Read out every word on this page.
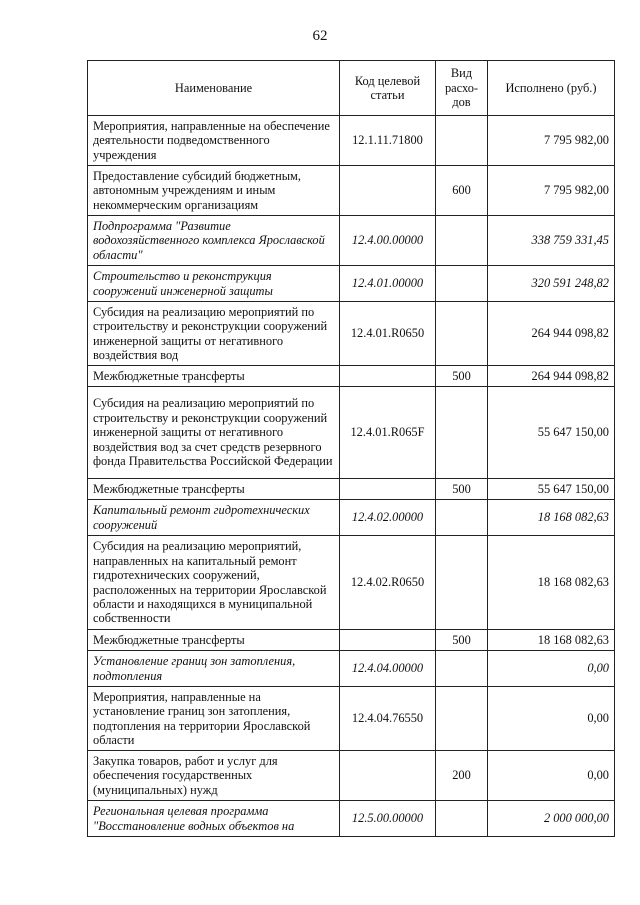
62
Наименование	Код целевой статьи	Вид расхо-дов	Исполнено (руб.)
Мероприятия, направленные на обеспечение деятельности подведомственного учреждения	12.1.11.71800		7 795 982,00
Предоставление субсидий бюджетным, автономным учреждениям и иным некоммерческим организациям		600	7 795 982,00
Подпрограмма "Развитие водохозяйственного комплекса Ярославской области"	12.4.00.00000		338 759 331,45
Строительство и реконструкция сооружений инженерной защиты	12.4.01.00000		320 591 248,82
Субсидия на реализацию мероприятий по строительству и реконструкции сооружений инженерной защиты от негативного воздействия вод	12.4.01.R0650		264 944 098,82
Межбюджетные трансферты		500	264 944 098,82
Субсидия на реализацию мероприятий по строительству и реконструкции сооружений инженерной защиты от негативного воздействия вод за счет средств резервного фонда Правительства Российской Федерации	12.4.01.R065F		55 647 150,00
Межбюджетные трансферты		500	55 647 150,00
Капитальный ремонт гидротехнических сооружений	12.4.02.00000		18 168 082,63
Субсидия на реализацию мероприятий, направленных на капитальный ремонт гидротехнических сооружений, расположенных на территории Ярославской области и находящихся в муниципальной собственности	12.4.02.R0650		18 168 082,63
Межбюджетные трансферты		500	18 168 082,63
Установление границ зон затопления, подтопления	12.4.04.00000		0,00
Мероприятия, направленные на установление границ зон затопления, подтопления на территории Ярославской области	12.4.04.76550		0,00
Закупка товаров, работ и услуг для обеспечения государственных (муниципальных) нужд		200	0,00
Региональная целевая программа "Восстановление водных объектов на	12.5.00.00000		2 000 000,00
